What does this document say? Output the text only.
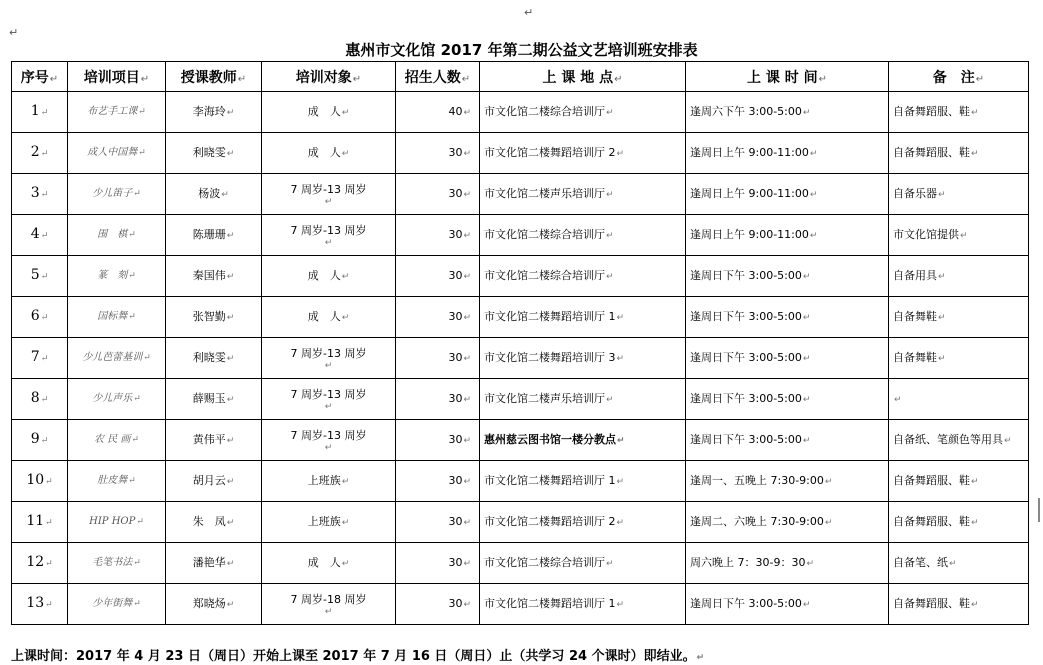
↵
↵
惠州市文化馆 2017 年第二期公益文艺培训班安排表
序号↵	培训项目↵	授课教师↵	培训对象↵	招生人数↵	上 课 地 点↵	上 课 时 间↵	备　注↵
1↵	布艺手工课↵	李海玲↵	成　人↵	40↵	市文化馆二楼综合培训厅↵	逢周六下午 3:00-5:00↵	自备舞蹈服、鞋↵
2↵	成人中国舞↵	利晓雯↵	成　人↵	30↵	市文化馆二楼舞蹈培训厅 2↵	逢周日上午 9:00-11:00↵	自备舞蹈服、鞋↵
3↵	少儿笛子↵	杨波↵	7 周岁-13 周岁
↵	30↵	市文化馆二楼声乐培训厅↵	逢周日上午 9:00-11:00↵	自备乐器↵
4↵	围　棋↵	陈珊珊↵	7 周岁-13 周岁
↵	30↵	市文化馆二楼综合培训厅↵	逢周日上午 9:00-11:00↵	市文化馆提供↵
5↵	篆　刻↵	秦国伟↵	成　人↵	30↵	市文化馆二楼综合培训厅↵	逢周日下午 3:00-5:00↵	自备用具↵
6↵	国标舞↵	张智勤↵	成　人↵	30↵	市文化馆二楼舞蹈培训厅 1↵	逢周日下午 3:00-5:00↵	自备舞鞋↵
7↵	少儿芭蕾基训↵	利晓雯↵	7 周岁-13 周岁
↵	30↵	市文化馆二楼舞蹈培训厅 3↵	逢周日下午 3:00-5:00↵	自备舞鞋↵
8↵	少儿声乐↵	薛赐玉↵	7 周岁-13 周岁
↵	30↵	市文化馆二楼声乐培训厅↵	逢周日下午 3:00-5:00↵	↵
9↵	农 民 画↵	黄伟平↵	7 周岁-13 周岁
↵	30↵	惠州慈云图书馆一楼分教点↵	逢周日下午 3:00-5:00↵	自备纸、笔颜色等用具↵
10↵	肚皮舞↵	胡月云↵	上班族↵	30↵	市文化馆二楼舞蹈培训厅 1↵	逢周一、五晚上 7:30-9:00↵	自备舞蹈服、鞋↵
11↵	HIP HOP↵	朱　凤↵	上班族↵	30↵	市文化馆二楼舞蹈培训厅 2↵	逢周二、六晚上 7:30-9:00↵	自备舞蹈服、鞋↵
12↵	毛笔书法↵	潘艳华↵	成　人↵	30↵	市文化馆二楼综合培训厅↵	周六晚上 7：30-9：30↵	自备笔、纸↵
13↵	少年街舞↵	郑晓炀↵	7 周岁-18 周岁
↵	30↵	市文化馆二楼舞蹈培训厅 1↵	逢周日下午 3:00-5:00↵	自备舞蹈服、鞋↵
上课时间：2017 年 4 月 23 日（周日）开始上课至 2017 年 7 月 16 日（周日）止（共学习 24 个课时）即结业。↵
